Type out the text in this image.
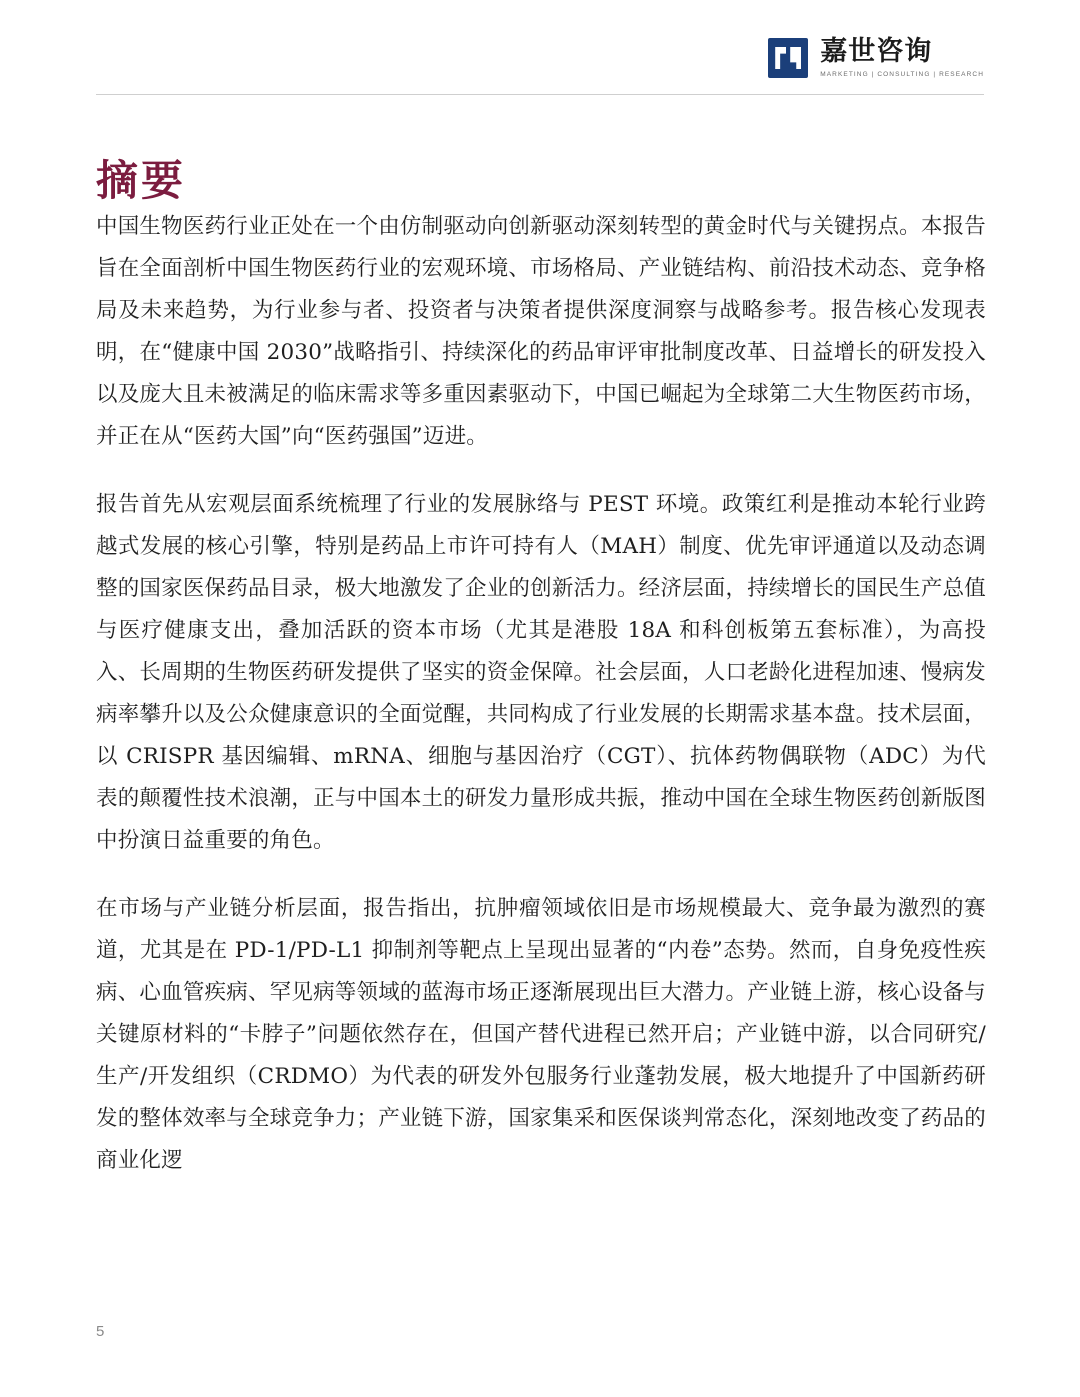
嘉世咨询
MARKETING | CONSULTING | RESEARCH
摘要

中国生物医药行业正处在一个由仿制驱动向创新驱动深刻转型的黄金时代与关键拐点。本报告旨在全面剖析中国生物医药行业的宏观环境、市场格局、产业链结构、前沿技术动态、竞争格局及未来趋势，为行业参与者、投资者与决策者提供深度洞察与战略参考。报告核心发现表明，在“健康中国 2030”战略指引、持续深化的药品审评审批制度改革、日益增长的研发投入以及庞大且未被满足的临床需求等多重因素驱动下，中国已崛起为全球第二大生物医药市场，并正在从“医药大国”向“医药强国”迈进。

报告首先从宏观层面系统梳理了行业的发展脉络与 PEST 环境。政策红利是推动本轮行业跨越式发展的核心引擎，特别是药品上市许可持有人（MAH）制度、优先审评通道以及动态调整的国家医保药品目录，极大地激发了企业的创新活力。经济层面，持续增长的国民生产总值与医疗健康支出，叠加活跃的资本市场（尤其是港股 18A 和科创板第五套标准），为高投入、长周期的生物医药研发提供了坚实的资金保障。社会层面，人口老龄化进程加速、慢病发病率攀升以及公众健康意识的全面觉醒，共同构成了行业发展的长期需求基本盘。技术层面，以 CRISPR 基因编辑、mRNA、细胞与基因治疗（CGT）、抗体药物偶联物（ADC）为代表的颠覆性技术浪潮，正与中国本土的研发力量形成共振，推动中国在全球生物医药创新版图中扮演日益重要的角色。

在市场与产业链分析层面，报告指出，抗肿瘤领域依旧是市场规模最大、竞争最为激烈的赛道，尤其是在 PD-1/PD-L1 抑制剂等靶点上呈现出显著的“内卷”态势。然而，自身免疫性疾病、心血管疾病、罕见病等领域的蓝海市场正逐渐展现出巨大潜力。产业链上游，核心设备与关键原材料的“卡脖子”问题依然存在，但国产替代进程已然开启；产业链中游，以合同研究/生产/开发组织（CRDMO）为代表的研发外包服务行业蓬勃发展，极大地提升了中国新药研发的整体效率与全球竞争力；产业链下游，国家集采和医保谈判常态化，深刻地改变了药品的商业化逻

5
